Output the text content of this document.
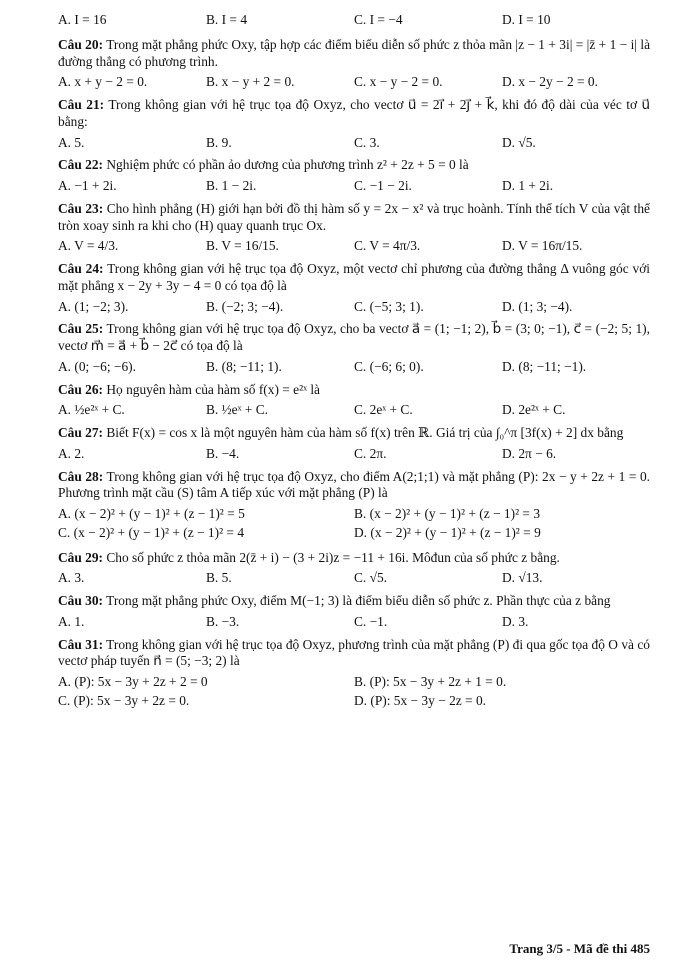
A. I = 16	B. I = 4	C. I = −4	D. I = 10
Câu 20: Trong mặt phẳng phức Oxy, tập hợp các điểm biểu diễn số phức z thỏa mãn |z − 1 + 3i| = |z̄ + 1 − i| là đường thẳng có phương trình.
A. x + y − 2 = 0.	B. x − y + 2 = 0.	C. x − y − 2 = 0.	D. x − 2y − 2 = 0.
Câu 21: Trong không gian với hệ trục tọa độ Oxyz, cho vectơ u⃗ = 2i⃗ + 2j⃗ + k⃗, khi đó độ dài của véc tơ u⃗ bằng:
A. 5.	B. 9.	C. 3.	D. √5.
Câu 22: Nghiệm phức có phần ảo dương của phương trình z² + 2z + 5 = 0 là
A. −1 + 2i.	B. 1 − 2i.	C. −1 − 2i.	D. 1 + 2i.
Câu 23: Cho hình phẳng (H) giới hạn bởi đồ thị hàm số y = 2x − x² và trục hoành. Tính thể tích V của vật thể tròn xoay sinh ra khi cho (H) quay quanh trục Ox.
A. V = 4/3.	B. V = 16/15.	C. V = 4π/3.	D. V = 16π/15.
Câu 24: Trong không gian với hệ trục tọa độ Oxyz, một vectơ chỉ phương của đường thẳng Δ vuông góc với mặt phẳng x − 2y + 3y − 4 = 0 có tọa độ là
A. (1; −2; 3).	B. (−2; 3; −4).	C. (−5; 3; 1).	D. (1; 3; −4).
Câu 25: Trong không gian với hệ trục tọa độ Oxyz, cho ba vectơ a⃗ = (1; −1; 2), b⃗ = (3; 0; −1), c⃗ = (−2; 5; 1), vectơ m⃗ = a⃗ + b⃗ − 2c⃗ có tọa độ là
A. (0; −6; −6).	B. (8; −11; 1).	C. (−6; 6; 0).	D. (8; −11; −1).
Câu 26: Họ nguyên hàm của hàm số f(x) = e²ˣ là
A. ½e²ˣ + C.	B. ½eˣ + C.	C. 2eˣ + C.	D. 2e²ˣ + C.
Câu 27: Biết F(x) = cos x là một nguyên hàm của hàm số f(x) trên ℝ. Giá trị của ∫₀^π [3f(x) + 2] dx bằng
A. 2.	B. −4.	C. 2π.	D. 2π − 6.
Câu 28: Trong không gian với hệ trục tọa độ Oxyz, cho điểm A(2;1;1) và mặt phẳng (P): 2x − y + 2z + 1 = 0. Phương trình mặt cầu (S) tâm A tiếp xúc với mặt phẳng (P) là
A. (x − 2)² + (y − 1)² + (z − 1)² = 5	B. (x − 2)² + (y − 1)² + (z − 1)² = 3
C. (x − 2)² + (y − 1)² + (z − 1)² = 4	D. (x − 2)² + (y − 1)² + (z − 1)² = 9
Câu 29: Cho số phức z thỏa mãn 2(z̄ + i) − (3 + 2i)z = −11 + 16i. Môđun của số phức z bằng.
A. 3.	B. 5.	C. √5.	D. √13.
Câu 30: Trong mặt phẳng phức Oxy, điểm M(−1; 3) là điểm biểu diễn số phức z. Phần thực của z bằng
A. 1.	B. −3.	C. −1.	D. 3.
Câu 31: Trong không gian với hệ trục tọa độ Oxyz, phương trình của mặt phẳng (P) đi qua gốc tọa độ O và có vectơ pháp tuyến n⃗ = (5; −3; 2) là
A. (P): 5x − 3y + 2z + 2 = 0	B. (P): 5x − 3y + 2z + 1 = 0.
C. (P): 5x − 3y + 2z = 0.	D. (P): 5x − 3y − 2z = 0.
Trang 3/5 - Mã đề thi 485
